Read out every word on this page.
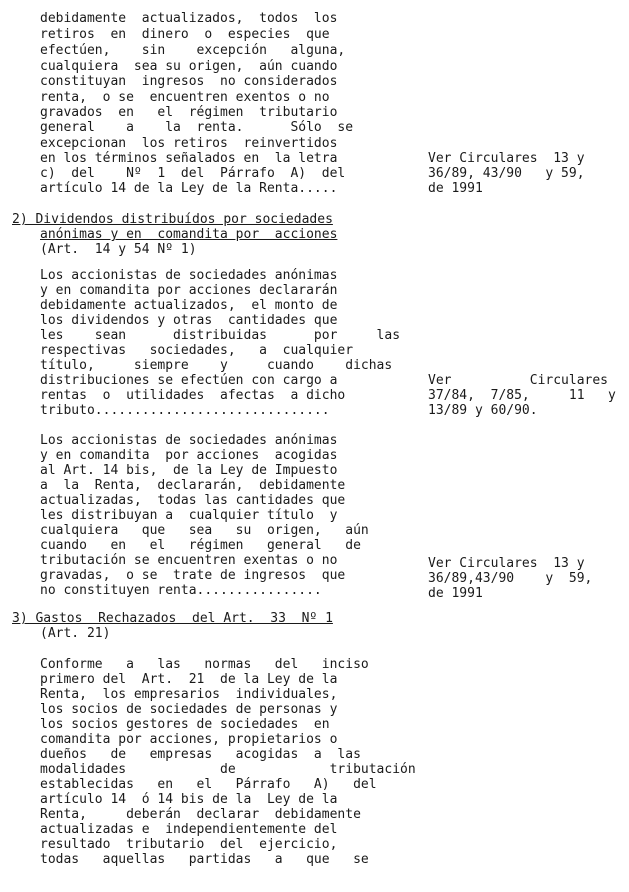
debidamente  actualizados,  todos  los
retiros  en  dinero  o  especies  que
efectúen,    sin    excepción   alguna,
cualquiera  sea su origen,  aún cuando
constituyan  ingresos  no considerados
renta,  o se  encuentren exentos o no
gravados  en   el  régimen  tributario
general    a    la  renta.      Sólo  se
excepcionan  los retiros  reinvertidos
en los términos señalados en  la letra
c)  del    Nº  1  del  Párrafo  A)  del
artículo 14 de la Ley de la Renta.....
2) Dividendos distribuídos por sociedades
anónimas y en  comandita por  acciones
(Art.  14 y 54 Nº 1)
Los accionistas de sociedades anónimas
y en comandita por acciones declararán
debidamente actualizados,  el monto de
los dividendos y otras  cantidades que
les    sean      distribuidas      por     las
respectivas   sociedades,   a  cualquier
título,     siempre    y     cuando    dichas
distribuciones se efectúen con cargo a
rentas  o  utilidades  afectas  a dicho
tributo..............................
Los accionistas de sociedades anónimas
y en comandita  por acciones  acogidas
al Art. 14 bis,  de la Ley de Impuesto
a  la  Renta,  declararán,  debidamente
actualizadas,  todas las cantidades que
les distribuyan a  cualquier título  y
cualquiera   que   sea   su  origen,   aún
cuando   en   el   régimen   general   de
tributación se encuentren exentas o no
gravadas,  o se  trate de ingresos  que
no constituyen renta................
3) Gastos  Rechazados  del Art.  33  Nº 1
(Art. 21)
Conforme   a   las   normas   del   inciso
primero del  Art.  21  de la Ley de la
Renta,  los empresarios  individuales,
los socios de sociedades de personas y
los socios gestores de sociedades  en
comandita por acciones, propietarios o
dueños   de   empresas   acogidas  a  las
modalidades            de            tributación
establecidas   en   el   Párrafo   A)   del
artículo 14  ó 14 bis de la  Ley de la
Renta,     deberán  declarar  debidamente
actualizadas e  independientemente del
resultado  tributario  del  ejercicio,
todas   aquellas   partidas   a   que   se
Ver Circulares  13 y
36/89, 43/90   y 59,
de 1991
Ver          Circulares
37/84,  7/85,     11   y
13/89 y 60/90.
Ver Circulares  13 y
36/89,43/90    y  59,
de 1991
